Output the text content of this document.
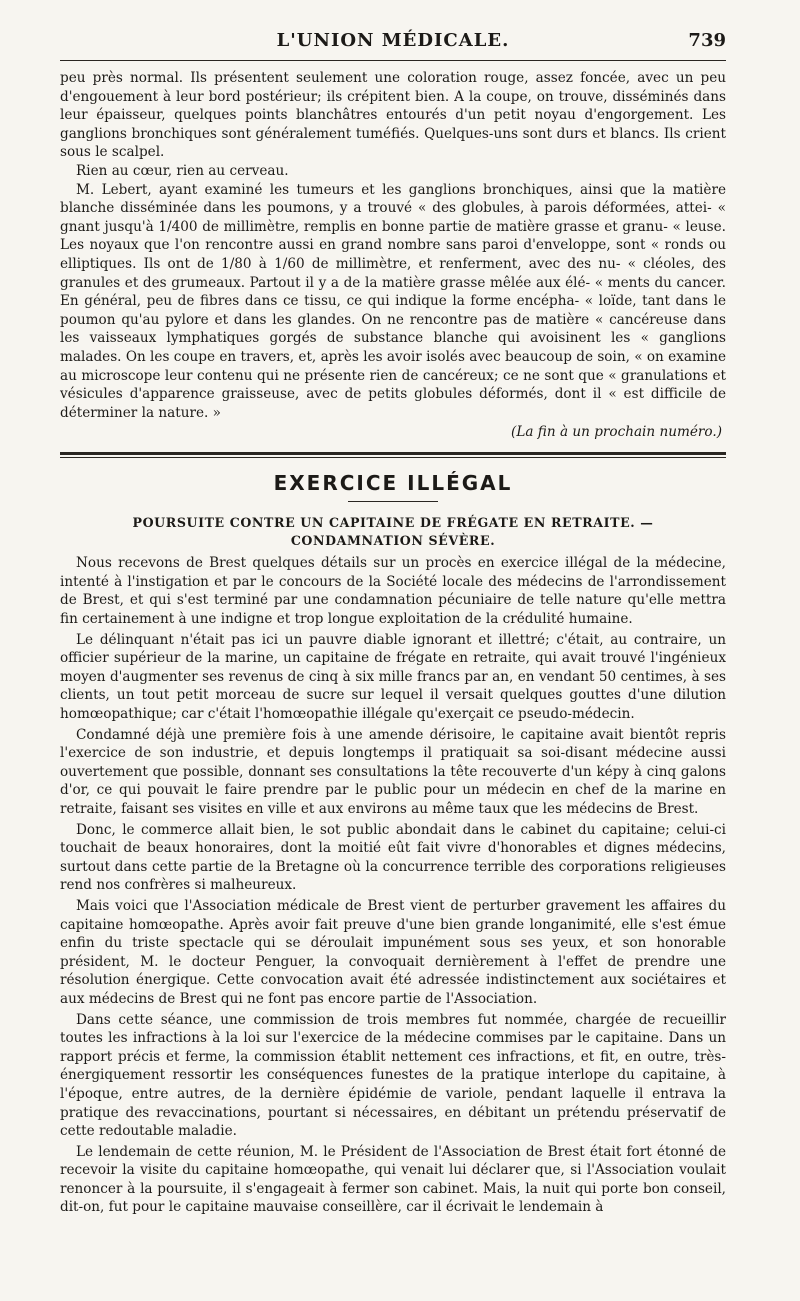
L'UNION MÉDICALE.	739

peu près normal. Ils présentent seulement une coloration rouge, assez foncée, avec un peu d'engouement à leur bord postérieur; ils crépitent bien. A la coupe, on trouve, disséminés dans leur épaisseur, quelques points blanchâtres entourés d'un petit noyau d'engorgement. Les ganglions bronchiques sont généralement tuméfiés. Quelques-uns sont durs et blancs. Ils crient sous le scalpel.

Rien au cœur, rien au cerveau.

M. Lebert, ayant examiné les tumeurs et les ganglions bronchiques, ainsi que la matière blanche disséminée dans les poumons, y a trouvé « des globules, à parois déformées, attei- « gnant jusqu'à 1/400 de millimètre, remplis en bonne partie de matière grasse et granu- « leuse. Les noyaux que l'on rencontre aussi en grand nombre sans paroi d'enveloppe, sont « ronds ou elliptiques. Ils ont de 1/80 à 1/60 de millimètre, et renferment, avec des nu- « cléoles, des granules et des grumeaux. Partout il y a de la matière grasse mêlée aux élé- « ments du cancer. En général, peu de fibres dans ce tissu, ce qui indique la forme encépha- « loïde, tant dans le poumon qu'au pylore et dans les glandes. On ne rencontre pas de matière « cancéreuse dans les vaisseaux lymphatiques gorgés de substance blanche qui avoisinent les « ganglions malades. On les coupe en travers, et, après les avoir isolés avec beaucoup de soin, « on examine au microscope leur contenu qui ne présente rien de cancéreux; ce ne sont que « granulations et vésicules d'apparence graisseuse, avec de petits globules déformés, dont il « est difficile de déterminer la nature. »

(La fin à un prochain numéro.)
EXERCICE ILLÉGAL
POURSUITE CONTRE UN CAPITAINE DE FRÉGATE EN RETRAITE. — CONDAMNATION SÉVÈRE.

Nous recevons de Brest quelques détails sur un procès en exercice illégal de la médecine, intenté à l'instigation et par le concours de la Société locale des médecins de l'arrondissement de Brest, et qui s'est terminé par une condamnation pécuniaire de telle nature qu'elle mettra fin certainement à une indigne et trop longue exploitation de la crédulité humaine.

Le délinquant n'était pas ici un pauvre diable ignorant et illettré; c'était, au contraire, un officier supérieur de la marine, un capitaine de frégate en retraite, qui avait trouvé l'ingénieux moyen d'augmenter ses revenus de cinq à six mille francs par an, en vendant 50 centimes, à ses clients, un tout petit morceau de sucre sur lequel il versait quelques gouttes d'une dilution homœopathique; car c'était l'homœopathie illégale qu'exerçait ce pseudo-médecin.

Condamné déjà une première fois à une amende dérisoire, le capitaine avait bientôt repris l'exercice de son industrie, et depuis longtemps il pratiquait sa soi-disant médecine aussi ouvertement que possible, donnant ses consultations la tête recouverte d'un képy à cinq galons d'or, ce qui pouvait le faire prendre par le public pour un médecin en chef de la marine en retraite, faisant ses visites en ville et aux environs au même taux que les médecins de Brest.

Donc, le commerce allait bien, le sot public abondait dans le cabinet du capitaine; celui-ci touchait de beaux honoraires, dont la moitié eût fait vivre d'honorables et dignes médecins, surtout dans cette partie de la Bretagne où la concurrence terrible des corporations religieuses rend nos confrères si malheureux.

Mais voici que l'Association médicale de Brest vient de perturber gravement les affaires du capitaine homœopathe. Après avoir fait preuve d'une bien grande longanimité, elle s'est émue enfin du triste spectacle qui se déroulait impunément sous ses yeux, et son honorable président, M. le docteur Penguer, la convoquait dernièrement à l'effet de prendre une résolution énergique. Cette convocation avait été adressée indistinctement aux sociétaires et aux médecins de Brest qui ne font pas encore partie de l'Association.

Dans cette séance, une commission de trois membres fut nommée, chargée de recueillir toutes les infractions à la loi sur l'exercice de la médecine commises par le capitaine. Dans un rapport précis et ferme, la commission établit nettement ces infractions, et fit, en outre, très-énergiquement ressortir les conséquences funestes de la pratique interlope du capitaine, à l'époque, entre autres, de la dernière épidémie de variole, pendant laquelle il entrava la pratique des revaccinations, pourtant si nécessaires, en débitant un prétendu préservatif de cette redoutable maladie.

Le lendemain de cette réunion, M. le Président de l'Association de Brest était fort étonné de recevoir la visite du capitaine homœopathe, qui venait lui déclarer que, si l'Association voulait renoncer à la poursuite, il s'engageait à fermer son cabinet. Mais, la nuit qui porte bon conseil, dit-on, fut pour le capitaine mauvaise conseillère, car il écrivait le lendemain à
